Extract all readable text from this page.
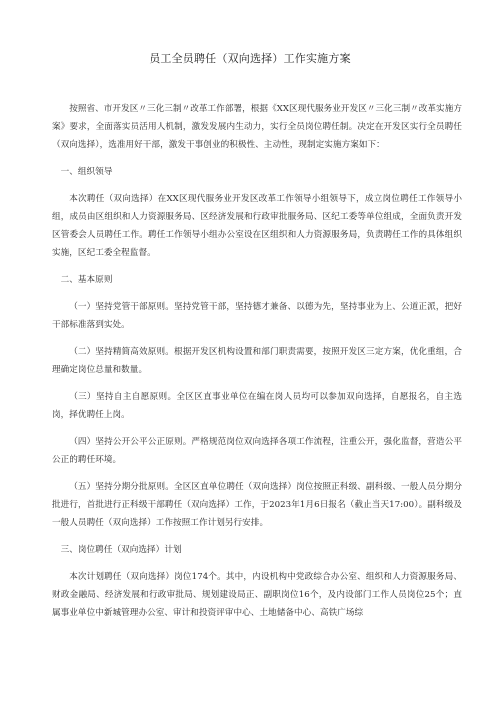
员工全员聘任（双向选择）工作实施方案

按照省、市开发区〃三化三制〃改革工作部署，根据《XX区现代服务业开发区〃三化三制〃改革实施方案》要求，全面落实员活用人机制，激发发展内生动力，实行全员岗位聘任制。决定在开发区实行全员聘任（双向选择），选准用好干部，激发干事创业的积极性、主动性，现制定实施方案如下：

一、组织领导

本次聘任（双向选择）在XX区现代服务业开发区改革工作领导小组领导下，成立岗位聘任工作领导小组，成员由区组织和人力资源服务局、区经济发展和行政审批服务局、区纪工委等单位组成，全面负责开发区管委会人员聘任工作。聘任工作领导小组办公室设在区组织和人力资源服务局，负责聘任工作的具体组织实施，区纪工委全程监督。

二、基本原则

（一）坚持党管干部原则。坚持党管干部，坚持德才兼备、以德为先，坚持事业为上、公道正派，把好干部标准落到实处。

（二）坚持精简高效原则。根据开发区机构设置和部门职责需要，按照开发区三定方案，优化重组，合理确定岗位总量和数量。

（三）坚持自主自愿原则。全区区直事业单位在编在岗人员均可以参加双向选择，自愿报名，自主选岗，择优聘任上岗。

（四）坚持公开公平公正原则。严格规范岗位双向选择各项工作流程，注重公开，强化监督，营造公平公正的聘任环境。

（五）坚持分期分批原则。全区区直单位聘任（双向选择）岗位按照正科级、副科级、一般人员分期分批进行，首批进行正科级干部聘任（双向选择）工作，于2023年1月6日报名（截止当天17:00）。副科级及一般人员聘任（双向选择）工作按照工作计划另行安排。

三、岗位聘任（双向选择）计划

本次计划聘任（双向选择）岗位174个。其中，内设机构中党政综合办公室、组织和人力资源服务局、财政金融局、经济发展和行政审批局、规划建设局正、副职岗位16个，及内设部门工作人员岗位25个；直属事业单位中新城管理办公室、审计和投资评审中心、土地储备中心、高铁广场综
